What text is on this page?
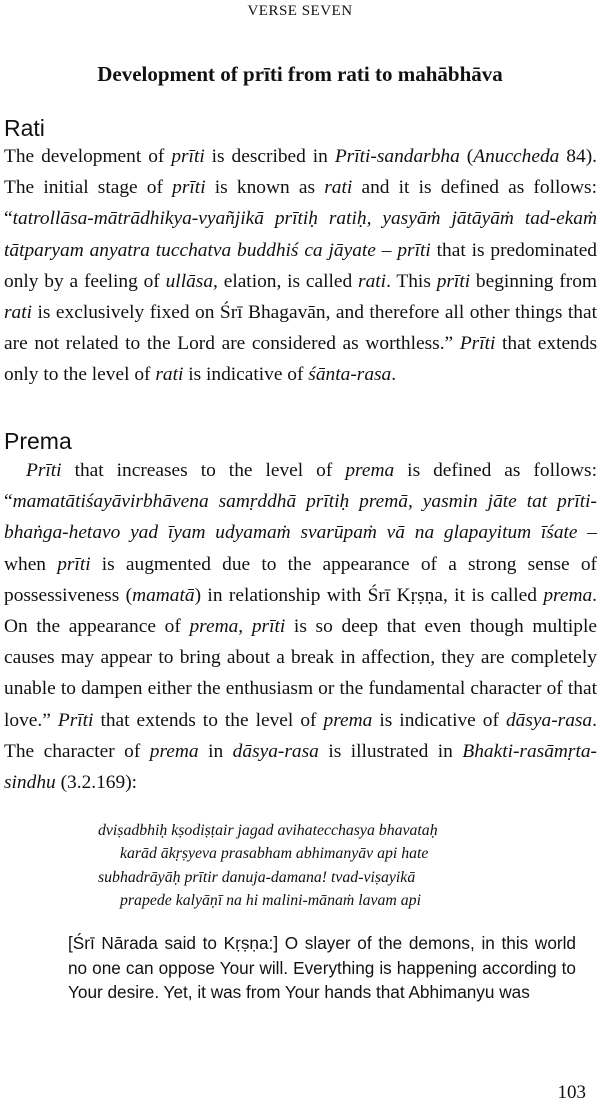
VERSE SEVEN
Development of prīti from rati to mahābhāva
Rati
The development of prīti is described in Prīti-sandarbha (Anuccheda 84). The initial stage of prīti is known as rati and it is defined as follows: “tatrollāsa-mātrādhikya-vyañjikā prītiḥ ratiḥ, yasyāṁ jātāyāṁ tad-ekaṁ tātparyam anyatra tucchatva buddhiś ca jāyate – prīti that is predominated only by a feeling of ullāsa, elation, is called rati. This prīti beginning from rati is exclusively fixed on Śrī Bhagavān, and therefore all other things that are not related to the Lord are considered as worthless.” Prīti that extends only to the level of rati is indicative of śānta-rasa.
Prema
Prīti that increases to the level of prema is defined as follows: “mamatātiśayāvirbhāvena samṛddhā prītiḥ premā, yasmin jāte tat prīti-bhaṅga-hetavo yad īyam udyamaṁ svarūpaṁ vā na glapayitum īśate – when prīti is augmented due to the appearance of a strong sense of possessiveness (mamatā) in relationship with Śrī Kṛṣṇa, it is called prema. On the appearance of prema, prīti is so deep that even though multiple causes may appear to bring about a break in affection, they are completely unable to dampen either the enthusiasm or the fundamental character of that love.” Prīti that extends to the level of prema is indicative of dāsya-rasa. The character of prema in dāsya-rasa is illustrated in Bhakti-rasāmṛta-sindhu (3.2.169):
dviṣadbhiḥ kṣodiṣṭair jagad avihatecchasya bhavataḥ
karād ākṛṣyeva prasabham abhimanyāv api hate
subhadrāyāḥ prītir danuja-damana! tvad-viṣayikā
prapede kalyāṇī na hi malini-mānaṁ lavam api
[Śrī Nārada said to Kṛṣṇa:] O slayer of the demons, in this world no one can oppose Your will. Everything is happening according to Your desire. Yet, it was from Your hands that Abhimanyu was
103
